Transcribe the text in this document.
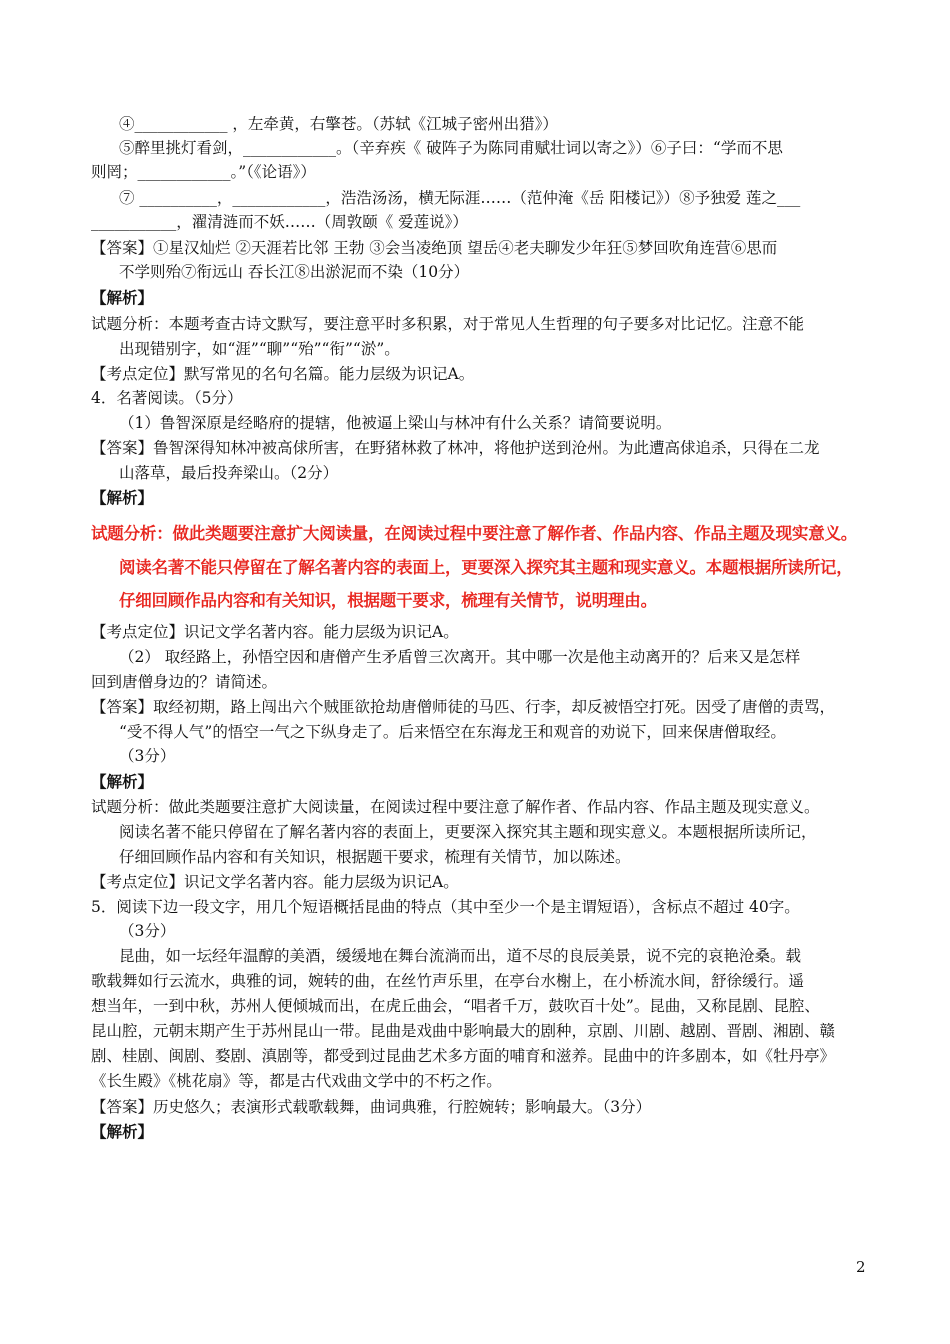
④____________ ，左牵黄，右擎苍。（苏轼《江城子密州出猎》）
⑤醉里挑灯看剑，____________。（辛弃疾《 破阵子为陈同甫赋壮词以寄之》）⑥子曰：“学而不思
则罔；____________。”（《论语》）
⑦ __________，____________，浩浩汤汤，横无际涯……（范仲淹《岳 阳楼记》）⑧予独爱 莲之___
___________，濯清涟而不妖……（周敦颐《 爱莲说》）
【答案】①星汉灿烂 ②天涯若比邻 王勃 ③会当凌绝顶 望岳④老夫聊发少年狂⑤梦回吹角连营⑥思而
不学则殆⑦衔远山 吞长江⑧出淤泥而不染（10分）
【解析】
试题分析：本题考查古诗文默写，要注意平时多积累，对于常见人生哲理的句子要多对比记忆。注意不能
出现错别字，如“涯”“聊”“殆”“衔”“淤”。
【考点定位】默写常见的名句名篇。能力层级为识记A。
4．名著阅读。（5分）
（1）鲁智深原是经略府的提辖，他被逼上梁山与林冲有什么关系？请简要说明。
【答案】鲁智深得知林冲被高俅所害，在野猪林救了林冲，将他护送到沧州。为此遭高俅追杀，只得在二龙
山落草，最后投奔梁山。（2分）
【解析】
试题分析：做此类题要注意扩大阅读量，在阅读过程中要注意了解作者、作品内容、作品主题及现实意义。
阅读名著不能只停留在了解名著内容的表面上，更要深入探究其主题和现实意义。本题根据所读所记，
仔细回顾作品内容和有关知识，根据题干要求，梳理有关情节，说明理由。
【考点定位】识记文学名著内容。能力层级为识记A。
（2） 取经路上，孙悟空因和唐僧产生矛盾曾三次离开。其中哪一次是他主动离开的？后来又是怎样
回到唐僧身边的？请简述。
【答案】取经初期，路上闯出六个贼匪欲抢劫唐僧师徒的马匹、行李，却反被悟空打死。因受了唐僧的责骂，
“受不得人气”的悟空一气之下纵身走了。后来悟空在东海龙王和观音的劝说下，回来保唐僧取经。
（3分）
【解析】
试题分析：做此类题要注意扩大阅读量，在阅读过程中要注意了解作者、作品内容、作品主题及现实意义。
阅读名著不能只停留在了解名著内容的表面上，更要深入探究其主题和现实意义。本题根据所读所记，
仔细回顾作品内容和有关知识，根据题干要求，梳理有关情节，加以陈述。
【考点定位】识记文学名著内容。能力层级为识记A。
5．阅读下边一段文字，用几个短语概括昆曲的特点（其中至少一个是主谓短语），含标点不超过 40字。
（3分）
昆曲，如一坛经年温醇的美酒，缓缓地在舞台流淌而出，道不尽的良辰美景，说不完的哀艳沧桑。载
歌载舞如行云流水，典雅的词，婉转的曲，在丝竹声乐里，在亭台水榭上，在小桥流水间，舒徐缓行。遥
想当年，一到中秋，苏州人便倾城而出，在虎丘曲会，“唱者千万，鼓吹百十处”。昆曲，又称昆剧、昆腔、
昆山腔，元朝末期产生于苏州昆山一带。昆曲是戏曲中影响最大的剧种，京剧、川剧、越剧、晋剧、湘剧、赣
剧、桂剧、闽剧、婺剧、滇剧等，都受到过昆曲艺术多方面的哺育和滋养。昆曲中的许多剧本，如《牡丹亭》
《长生殿》《桃花扇》等，都是古代戏曲文学中的不朽之作。
【答案】历史悠久；表演形式载歌载舞，曲词典雅，行腔婉转；影响最大。（3分）
【解析】
2
